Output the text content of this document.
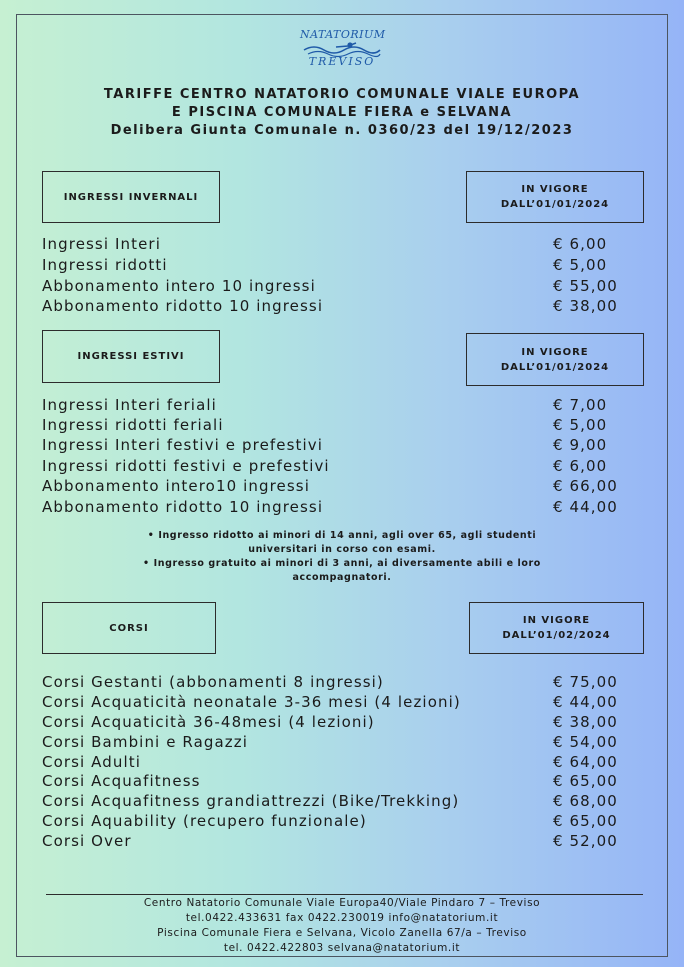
NATATORIUM
TREVISO
TARIFFE CENTRO NATATORIO COMUNALE VIALE EUROPA
E PISCINA COMUNALE FIERA e SELVANA
Delibera Giunta Comunale n. 0360/23 del 19/12/2023
INGRESSI INVERNALI
IN VIGORE
DALL’01/01/2024
Ingressi Interi	€ 6,00
Ingressi ridotti	€ 5,00
Abbonamento intero 10 ingressi	€ 55,00
Abbonamento ridotto 10 ingressi	€ 38,00
INGRESSI ESTIVI	IN VIGORE
DALL’01/01/2024
Ingressi Interi feriali	€ 7,00
Ingressi ridotti feriali	€ 5,00
Ingressi Interi festivi e prefestivi	€ 9,00
Ingressi ridotti festivi e prefestivi	€ 6,00
Abbonamento intero10 ingressi	€ 66,00
Abbonamento ridotto 10 ingressi	€ 44,00
• Ingresso ridotto ai minori di 14 anni, agli over 65, agli studenti
universitari in corso con esami.
• Ingresso gratuito ai minori di 3 anni, ai diversamente abili e loro
accompagnatori.
CORSI
IN VIGORE
DALL’01/02/2024
Corsi Gestanti (abbonamenti 8 ingressi)	€ 75,00
Corsi Acquaticità neonatale 3-36 mesi (4 lezioni)	€ 44,00
Corsi Acquaticità 36-48mesi (4 lezioni)	€ 38,00
Corsi Bambini e Ragazzi	€ 54,00
Corsi Adulti	€ 64,00
Corsi Acquafitness	€ 65,00
Corsi Acquafitness grandiattrezzi (Bike/Trekking)	€ 68,00
Corsi Aquability (recupero funzionale)	€ 65,00
Corsi Over	€ 52,00
Centro Natatorio Comunale Viale Europa40/Viale Pindaro 7 – Treviso
tel.0422.433631 fax 0422.230019 info@natatorium.it
Piscina Comunale Fiera e Selvana, Vicolo Zanella 67/a – Treviso
tel. 0422.422803 selvana@natatorium.it
